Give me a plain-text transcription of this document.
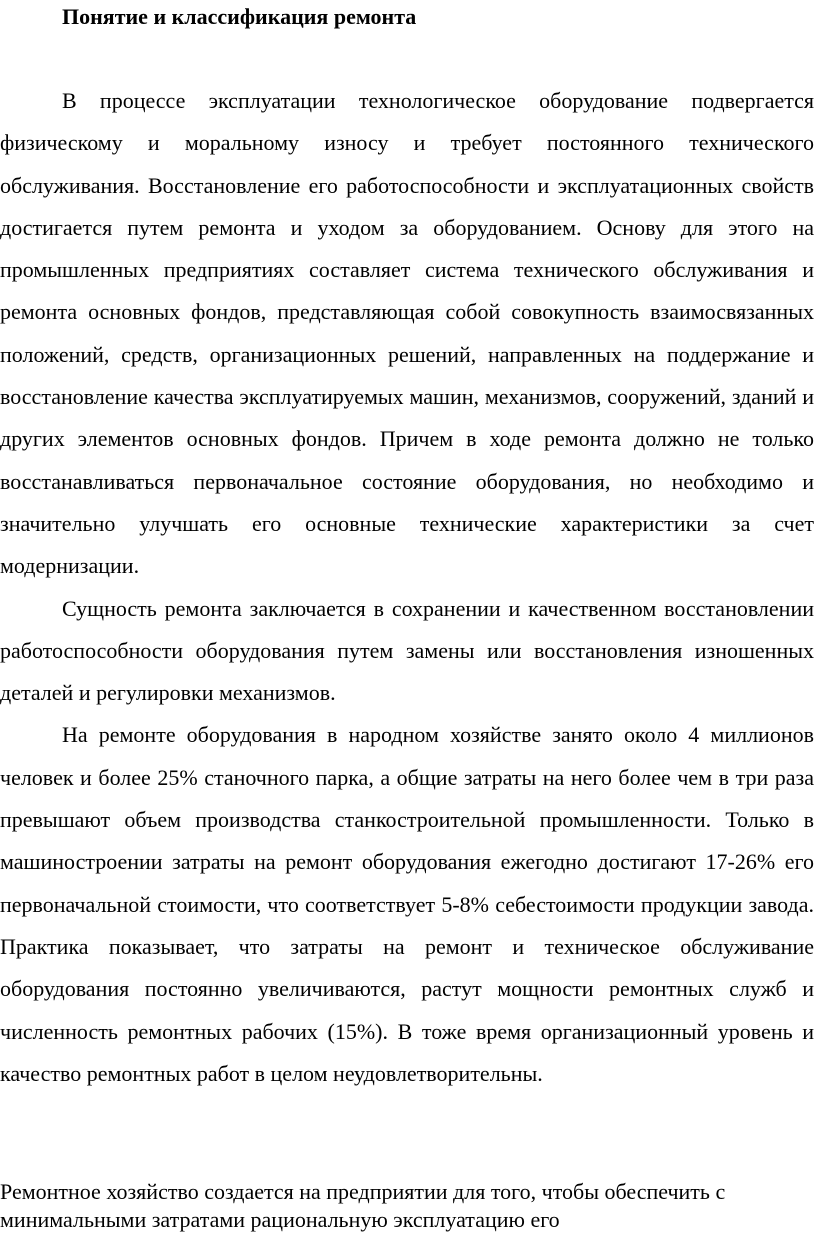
Понятие и классификация ремонта

В процессе эксплуатации технологическое оборудование подвергается физическому и моральному износу и требует постоянного технического обслуживания. Восстановление его работоспособности и эксплуатационных свойств достигается путем ремонта и уходом за оборудованием. Основу для этого на промышленных предприятиях составляет система технического обслуживания и ремонта основных фондов, представляющая собой совокупность взаимосвязанных положений, средств, организационных решений, направленных на поддержание и восстановление качества эксплуатируемых машин, механизмов, сооружений, зданий и других элементов основных фондов. Причем в ходе ремонта должно не только восстанавливаться первоначальное состояние оборудования, но необходимо и значительно улучшать его основные технические характеристики за счет модернизации.

Сущность ремонта заключается в сохранении и качественном восстановлении работоспособности оборудования путем замены или восстановления изношенных деталей и регулировки механизмов.

На ремонте оборудования в народном хозяйстве занято около 4 миллионов человек и более 25% станочного парка, а общие затраты на него более чем в три раза превышают объем производства станкостроительной промышленности. Только в машиностроении затраты на ремонт оборудования ежегодно достигают 17-26% его первоначальной стоимости, что соответствует 5-8% себестоимости продукции завода. Практика показывает, что затраты на ремонт и техническое обслуживание оборудования постоянно увеличиваются, растут мощности ремонтных служб и численность ремонтных рабочих (15%). В тоже время организационный уровень и качество ремонтных работ в целом неудовлетворительны.

Ремонтное хозяйство создается на предприятии для того, чтобы обеспечить с минимальными затратами рациональную эксплуатацию его
